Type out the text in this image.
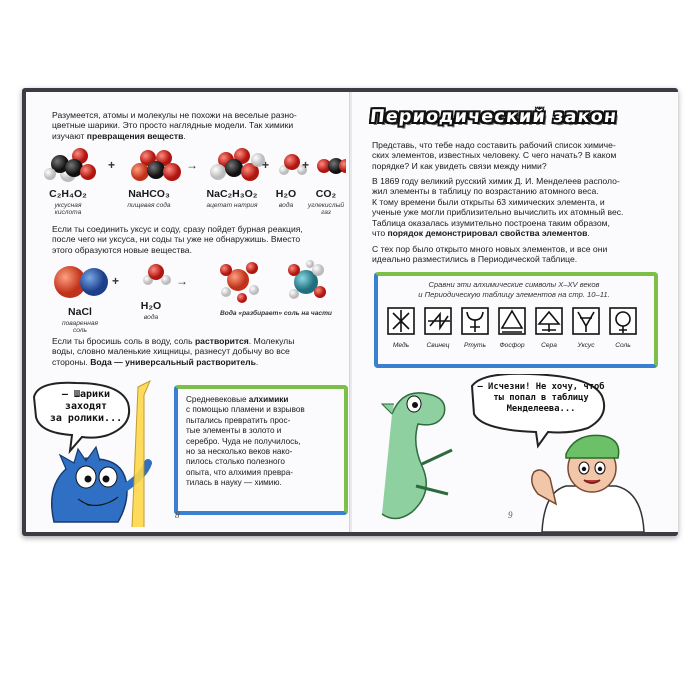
Разумеется, атомы и молекулы не похожи на веселые разно-
цветные шарики. Это просто наглядные модели. Так химики
изучают превращения веществ.
+	→	+	+
C₂H₄O₂
уксусная
кислота
NaHCO₃
пищевая сода
NaC₂H₃O₂
ацетат натрия
H₂O
вода
CO₂
углекислый
газ
Если ты соединить уксус и соду, сразу пойдет бурная реакция,
после чего ни уксуса, ни соды ты уже не обнаружишь. Вместо
этого образуются новые вещества.
+	→
NaCl
поваренная
соль
H₂O
вода
Вода «разбирает» соль на части
Если ты бросишь соль в воду, соль растворится. Молекулы
воды, словно маленькие хищницы, разнесут добычу во все
стороны. Вода — универсальный растворитель.
— Шарики
заходят
за ролики...
Средневековые алхимики
с помощью пламени и взрывов
пытались превратить прос-
тые элементы в золото и
серебро. Чуда не получилось,
но за несколько веков нако-
пилось столько полезного
опыта, что алхимия превра-
тилась в науку — химию.
8
Периодический закон
Представь, что тебе надо составить рабочий список химиче-
ских элементов, известных человеку. С чего начать? В каком
порядке? И как увидеть связи между ними?
В 1869 году великий русский химик Д. И. Менделеев располо-
жил элементы в таблицу по возрастанию атомного веса.
К тому времени были открыты 63 химических элемента, и
ученые уже могли приблизительно вычислить их атомный вес.
Таблица оказалась изумительно построена таким образом,
что порядок демонстрировал свойства элементов.
С тех пор было открыто много новых элементов, и все они
идеально разместились в Периодической таблице.
Сравни эти алхимические символы X–XV веков
и Периодическую таблицу элементов на стр. 10–11.
Медь	Свинец	Ртуть	Фосфор	Сера	Уксус	Соль
— Исчезни! Не хочу, чтоб
ты попал в таблицу
Менделеева...
9
